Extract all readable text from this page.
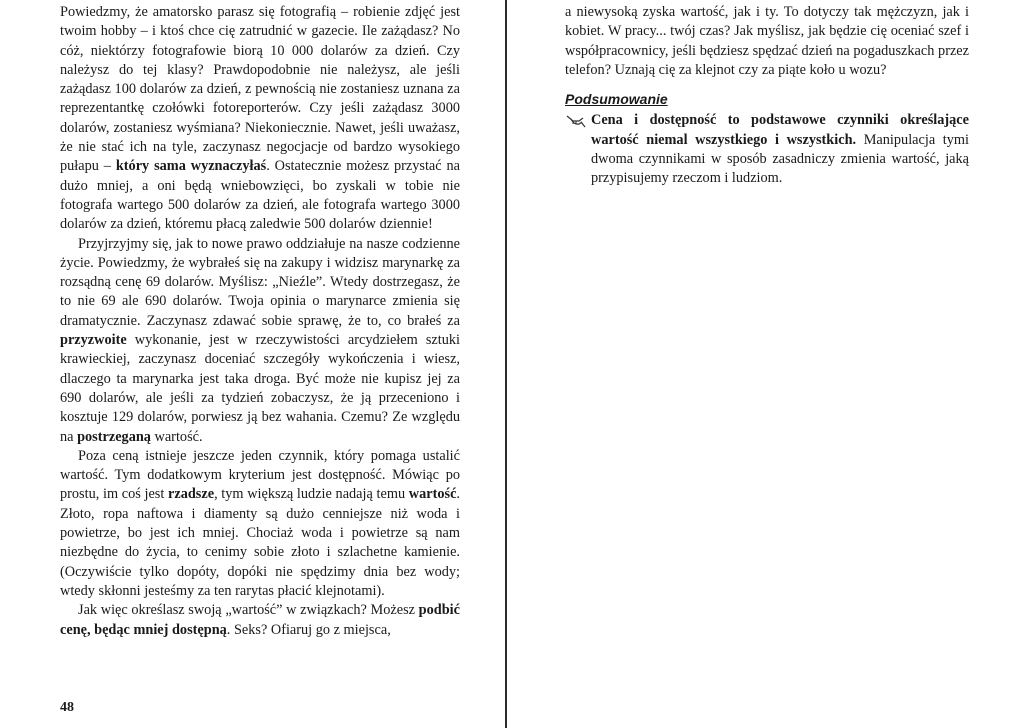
Powiedzmy, że amatorsko parasz się fotografią – robienie zdjęć jest twoim hobby – i ktoś chce cię zatrudnić w gazecie. Ile zażądasz? No cóż, niektórzy fotografowie biorą 10 000 dolarów za dzień. Czy należysz do tej klasy? Prawdopodobnie nie należysz, ale jeśli zażądasz 100 dolarów za dzień, z pewnością nie zostaniesz uznana za reprezentantkę czołówki fotoreporterów. Czy jeśli zażądasz 3000 dolarów, zostaniesz wyśmiana? Niekoniecznie. Nawet, jeśli uważasz, że nie stać ich na tyle, zaczynasz negocjacje od bardzo wysokiego pułapu – który sama wyznaczyłaś. Ostatecznie możesz przystać na dużo mniej, a oni będą wniebowzięci, bo zyskali w tobie nie fotografa wartego 500 dolarów za dzień, ale fotografa wartego 3000 dolarów za dzień, któremu płacą zaledwie 500 dolarów dziennie!

Przyjrzyjmy się, jak to nowe prawo oddziałuje na nasze codzienne życie. Powiedzmy, że wybrałeś się na zakupy i widzisz marynarkę za rozsądną cenę 69 dolarów. Myślisz: „Nieźle”. Wtedy dostrzegasz, że to nie 69 ale 690 dolarów. Twoja opinia o marynarce zmienia się dramatycznie. Zaczynasz zdawać sobie sprawę, że to, co brałeś za przyzwoite wykonanie, jest w rzeczywistości arcydziełem sztuki krawieckiej, zaczynasz doceniać szczegóły wykończenia i wiesz, dlaczego ta marynarka jest taka droga. Być może nie kupisz jej za 690 dolarów, ale jeśli za tydzień zobaczysz, że ją przeceniono i kosztuje 129 dolarów, porwiesz ją bez wahania. Czemu? Ze względu na postrzeganą wartość.

Poza ceną istnieje jeszcze jeden czynnik, który pomaga ustalić wartość. Tym dodatkowym kryterium jest dostępność. Mówiąc po prostu, im coś jest rzadsze, tym większą ludzie nadają temu wartość. Złoto, ropa naftowa i diamenty są dużo cenniejsze niż woda i powietrze, bo jest ich mniej. Chociaż woda i powietrze są nam niezbędne do życia, to cenimy sobie złoto i szlachetne kamienie. (Oczywiście tylko dopóty, dopóki nie spędzimy dnia bez wody; wtedy skłonni jesteśmy za ten rarytas płacić klejnotami).

Jak więc określasz swoją „wartość” w związkach? Możesz podbić cenę, będąc mniej dostępną. Seks? Ofiaruj go z miejsca,

48

a niewysoką zyska wartość, jak i ty. To dotyczy tak mężczyzn, jak i kobiet. W pracy... twój czas? Jak myślisz, jak będzie cię oceniać szef i współpracownicy, jeśli będziesz spędzać dzień na pogaduszkach przez telefon? Uznają cię za klejnot czy za piąte koło u wozu?

Podsumowanie
Cena i dostępność to podstawowe czynniki określające wartość niemal wszystkiego i wszystkich. Manipulacja tymi dwoma czynnikami w sposób zasadniczy zmienia wartość, jaką przypisujemy rzeczom i ludziom.
